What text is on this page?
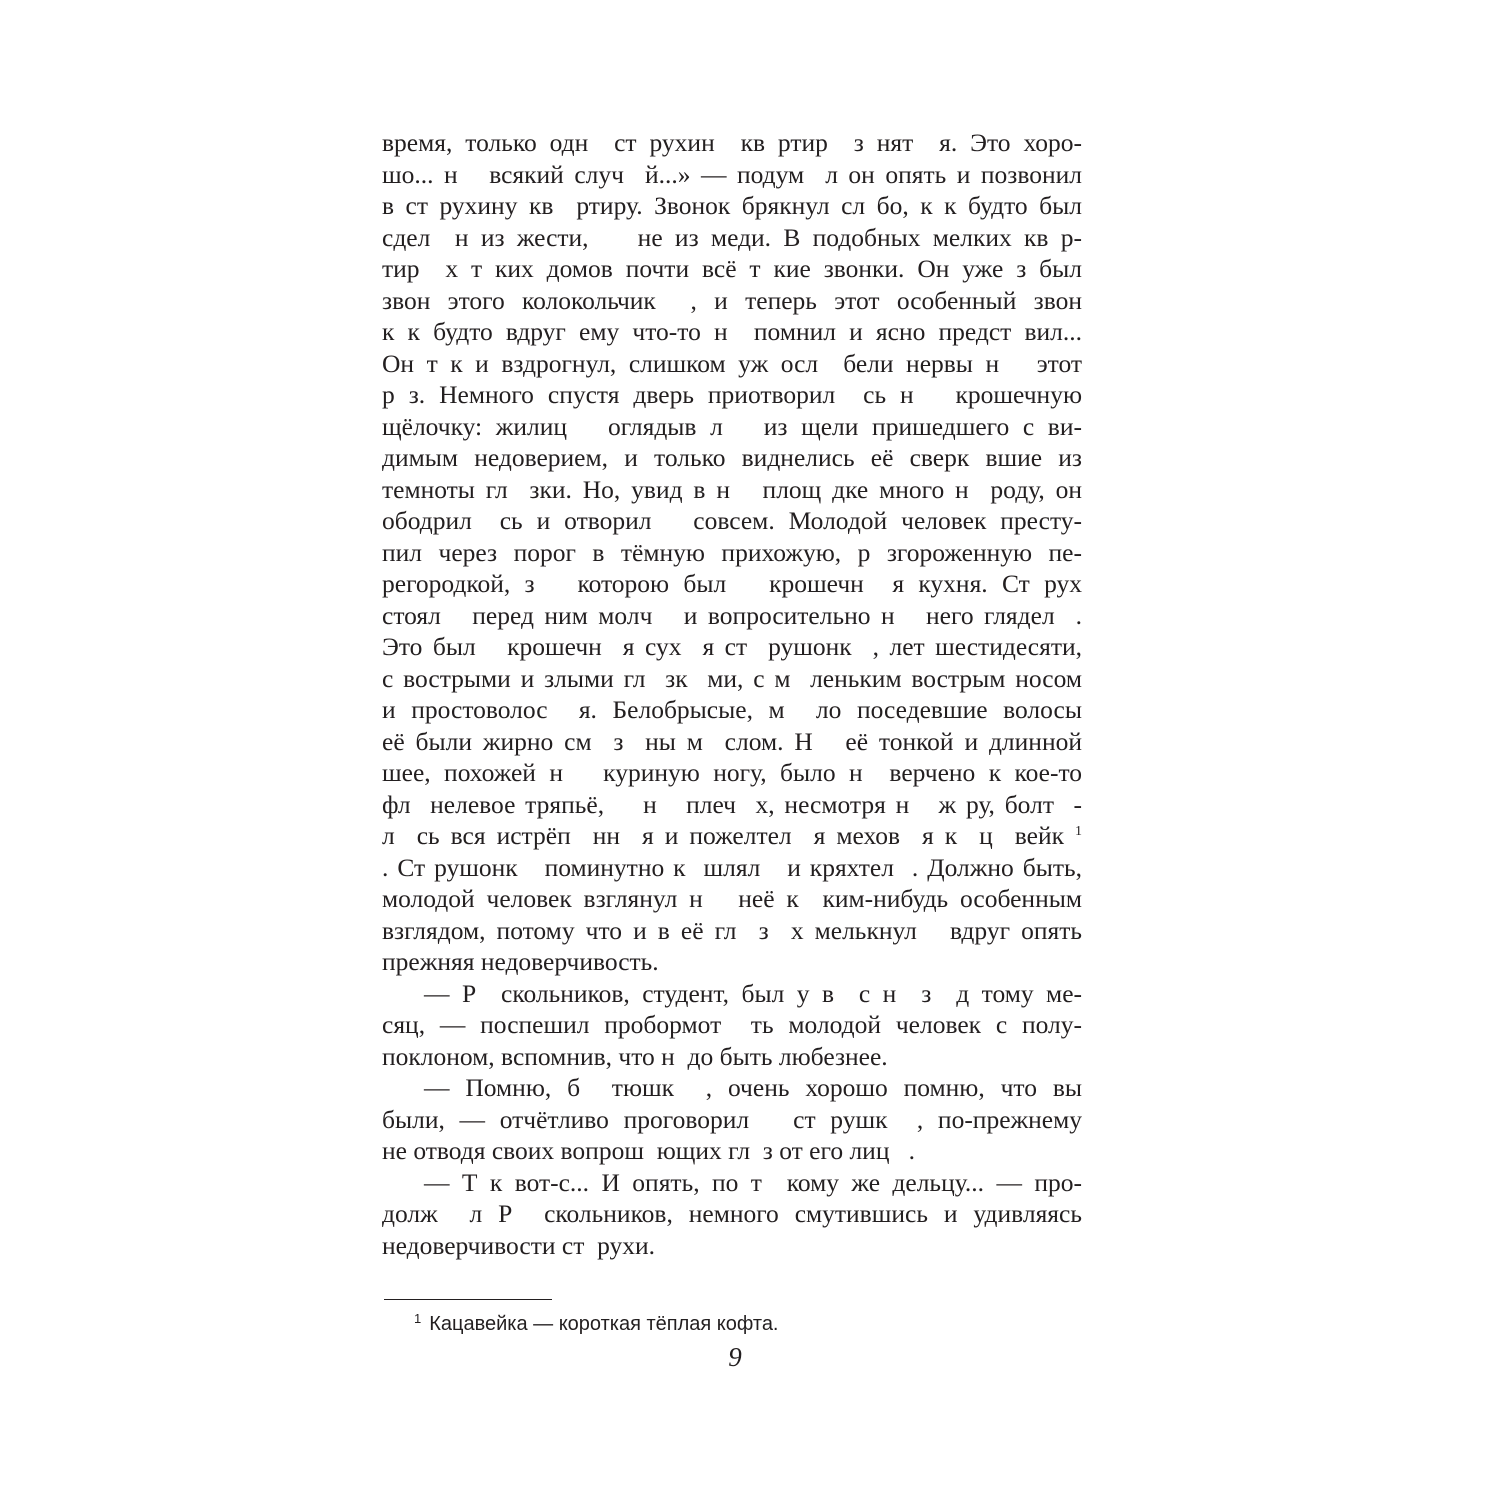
время, только одн  ст рухин  кв ртир  з нят  я. Это хоро-
шо... н   всякий случ  й...» — подум  л он опять и позвонил
в ст рухину кв  ртиру. Звонок брякнул сл бо, к к будто был
сдел  н из жести,    не из меди. В подобных мелких кв р-
тир  х т ких домов почти всё т кие звонки. Он уже з был
звон этого колокольчик  , и теперь этот особенный звон
к к будто вдруг ему что-то н  помнил и ясно предст вил...
Он т к и вздрогнул, слишком уж осл  бели нервы н   этот
р з. Немного спустя дверь приотворил  сь н   крошечную
щёлочку: жилиц   оглядыв л   из щели пришедшего с ви-
димым недоверием, и только виднелись её сверк вшие из
темноты гл  зки. Но, увид в н   площ дке много н  роду, он
ободрил  сь и отворил   совсем. Молодой человек престу-
пил через порог в тёмную прихожую, р згороженную пе-
регородкой, з   которою был   крошечн  я кухня. Ст рух
стоял   перед ним молч   и вопросительно н   него глядел  .
Это был   крошечн  я сух  я ст  рушонк  , лет шестидесяти,
с вострыми и злыми гл  зк  ми, с м  леньким вострым носом
и простоволос  я. Белобрысые, м  ло поседевшие волосы
её были жирно см  з  ны м  слом. Н   её тонкой и длинной
шее, похожей н   куриную ногу, было н  верчено к кое-то
фл  нелевое тряпьё,    н   плеч  х, несмотря н   ж ру, болт  -
л  сь вся истрёп  нн  я и пожелтел  я мехов  я к  ц  вейк $^1$
. Ст рушонк   поминутно к  шлял   и кряхтел  . Должно быть,
молодой человек взглянул н   неё к  ким-нибудь особенным
взглядом, потому что и в её гл  з  х мелькнул   вдруг опять
прежняя недоверчивость.
— Р  скольников, студент, был у в  с н  з  д тому ме-
сяц, — поспешил пробормот  ть молодой человек с полу-
поклоном, вспомнив, что н  до быть любезнее.
— Помню, б  тюшк  , очень хорошо помню, что вы
были, — отчётливо проговорил   ст рушк  , по-прежнему
не отводя своих вопрош  ющих гл  з от его лиц   .
— Т к вот-с... И опять, по т  кому же дельцу... — про-
долж  л Р  скольников, немного смутившись и удивляясь
недоверчивости ст  рухи.
$^1$ Кацавейка — короткая тёплая кофта.
9
